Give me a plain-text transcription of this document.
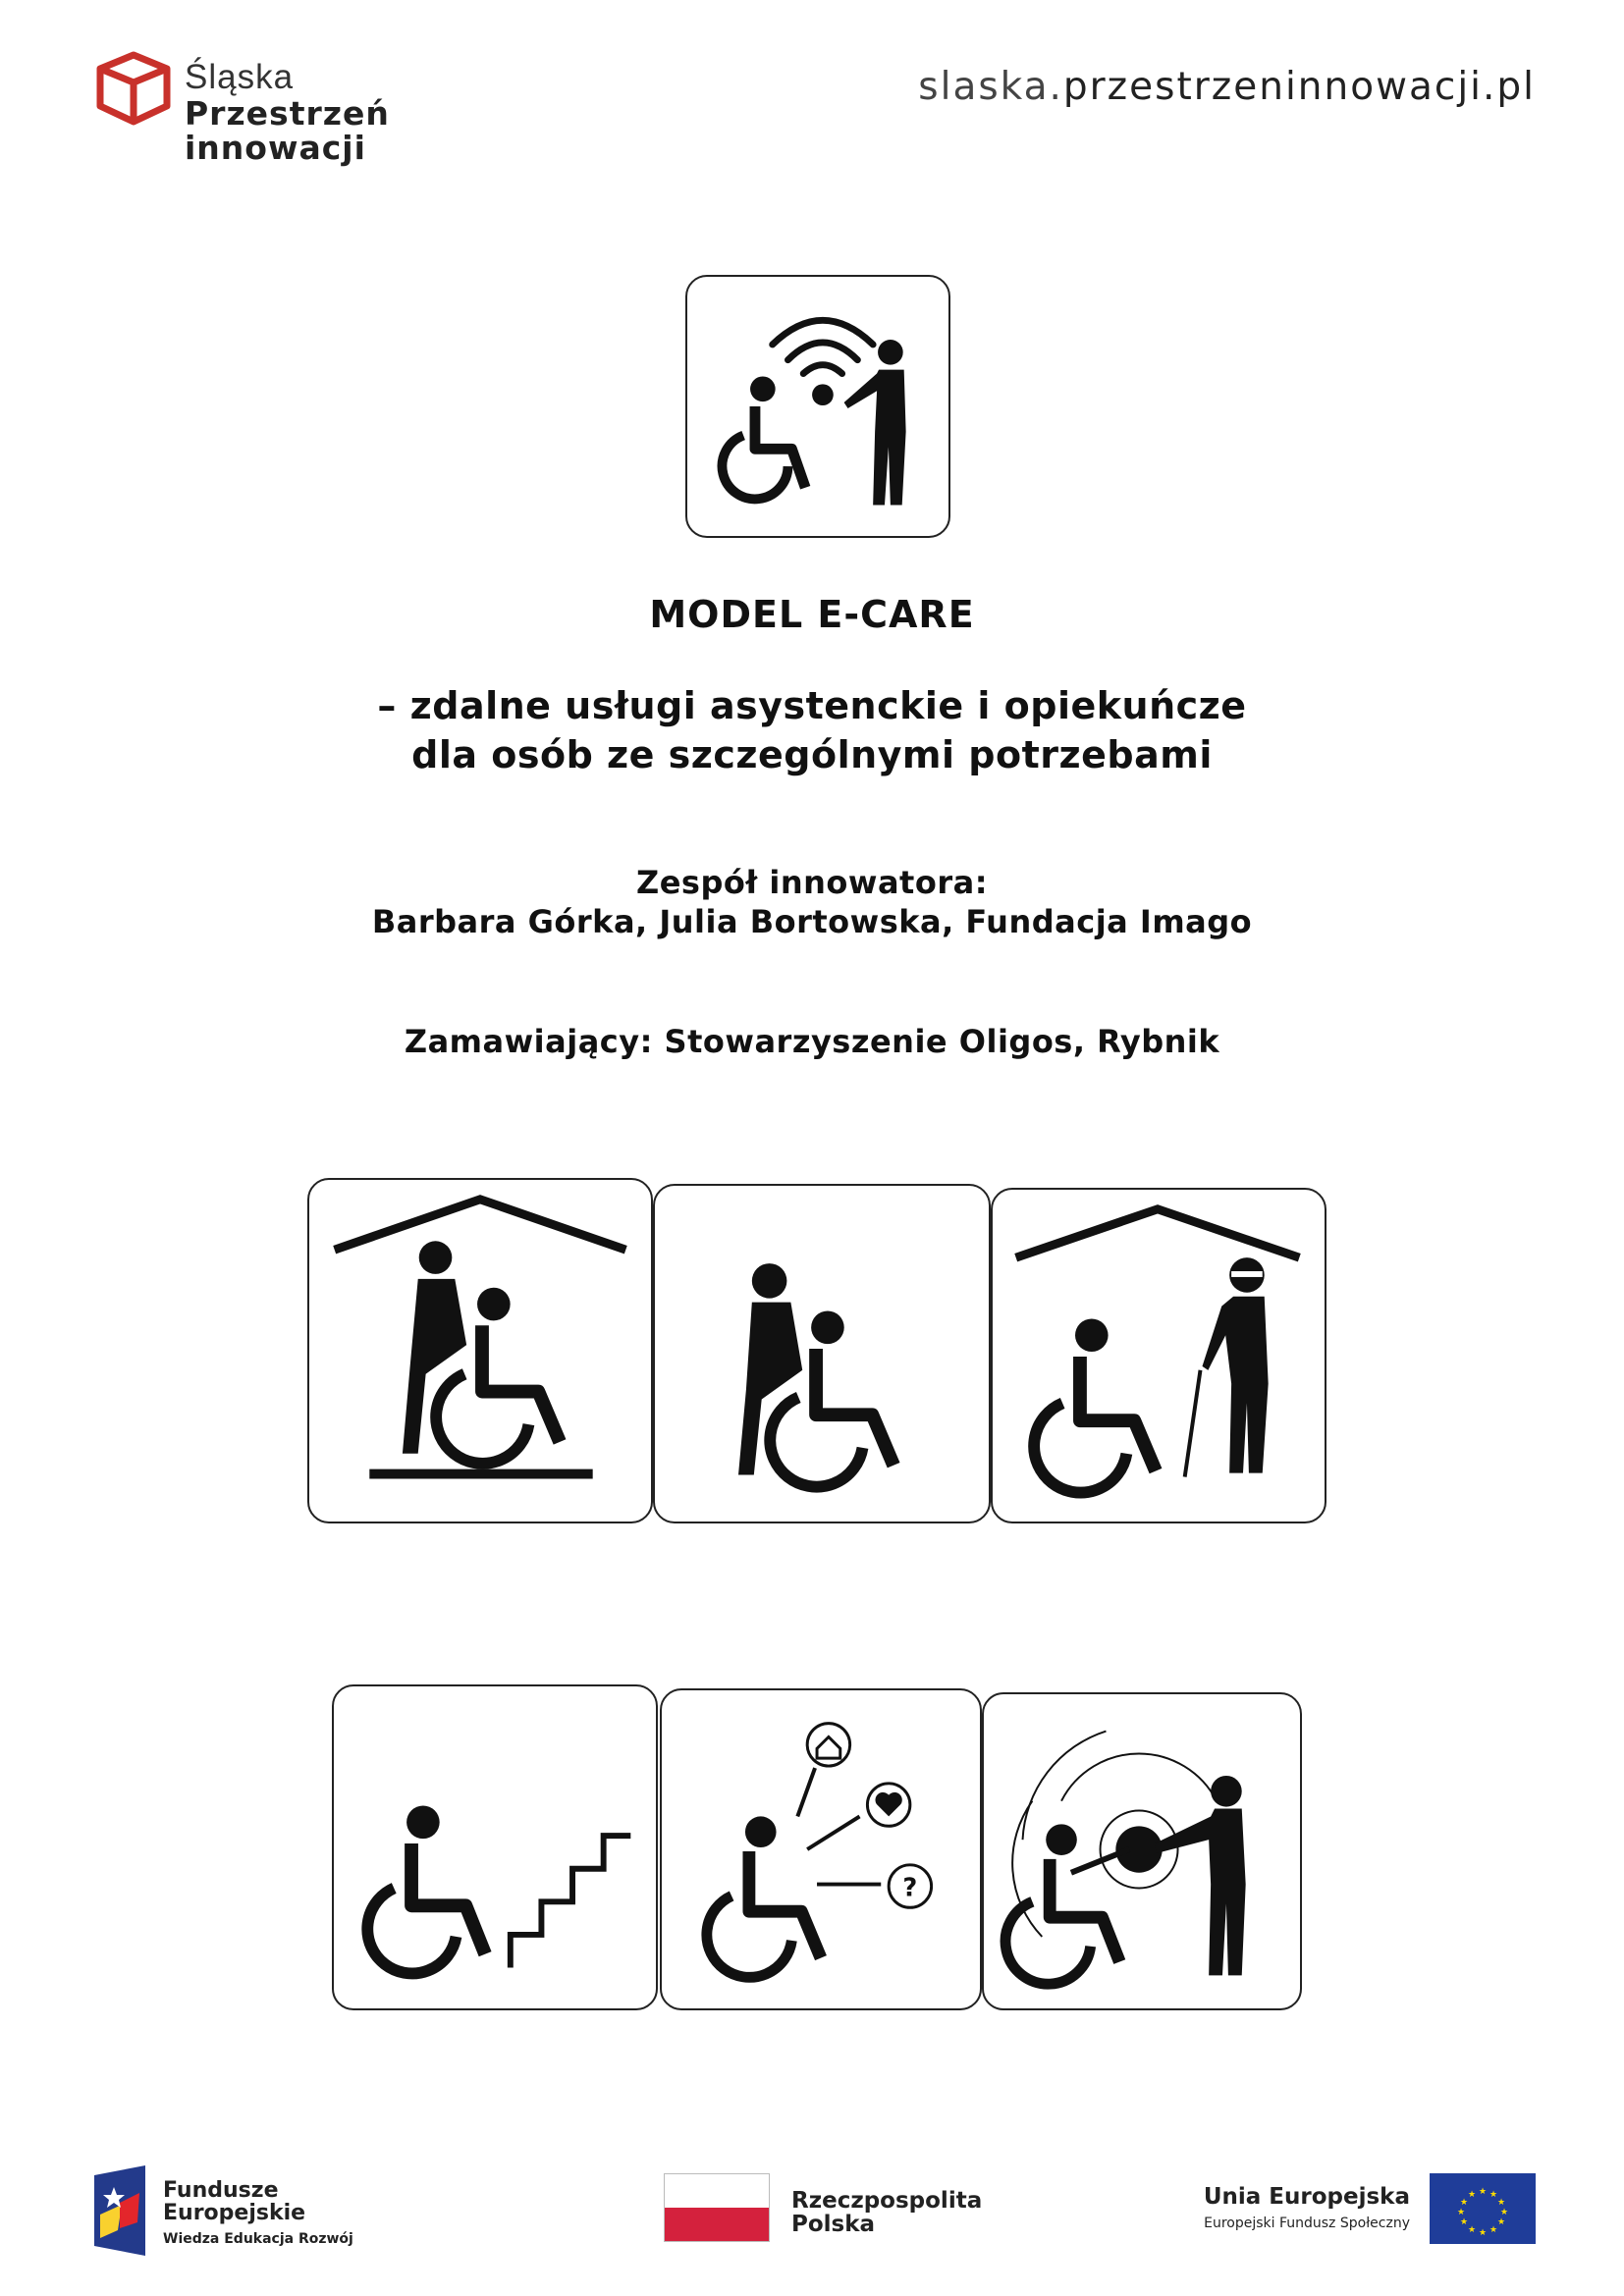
Śląska
Przestrzeń
innowacji
slaska.przestrzeninnowacji.pl
MODEL E-CARE
– zdalne usługi asystenckie i opiekuńcze
dla osób ze szczególnymi potrzebami
Zespół innowatora:
Barbara Górka, Julia Bortowska, Fundacja Imago
Zamawiający: Stowarzyszenie Oligos, Rybnik
?
Fundusze
Europejskie
Wiedza Edukacja Rozwój
Rzeczpospolita
Polska
Unia Europejska
Europejski Fundusz Społeczny
★ ★
★
★
★
★
★
★
★
★
★
★
